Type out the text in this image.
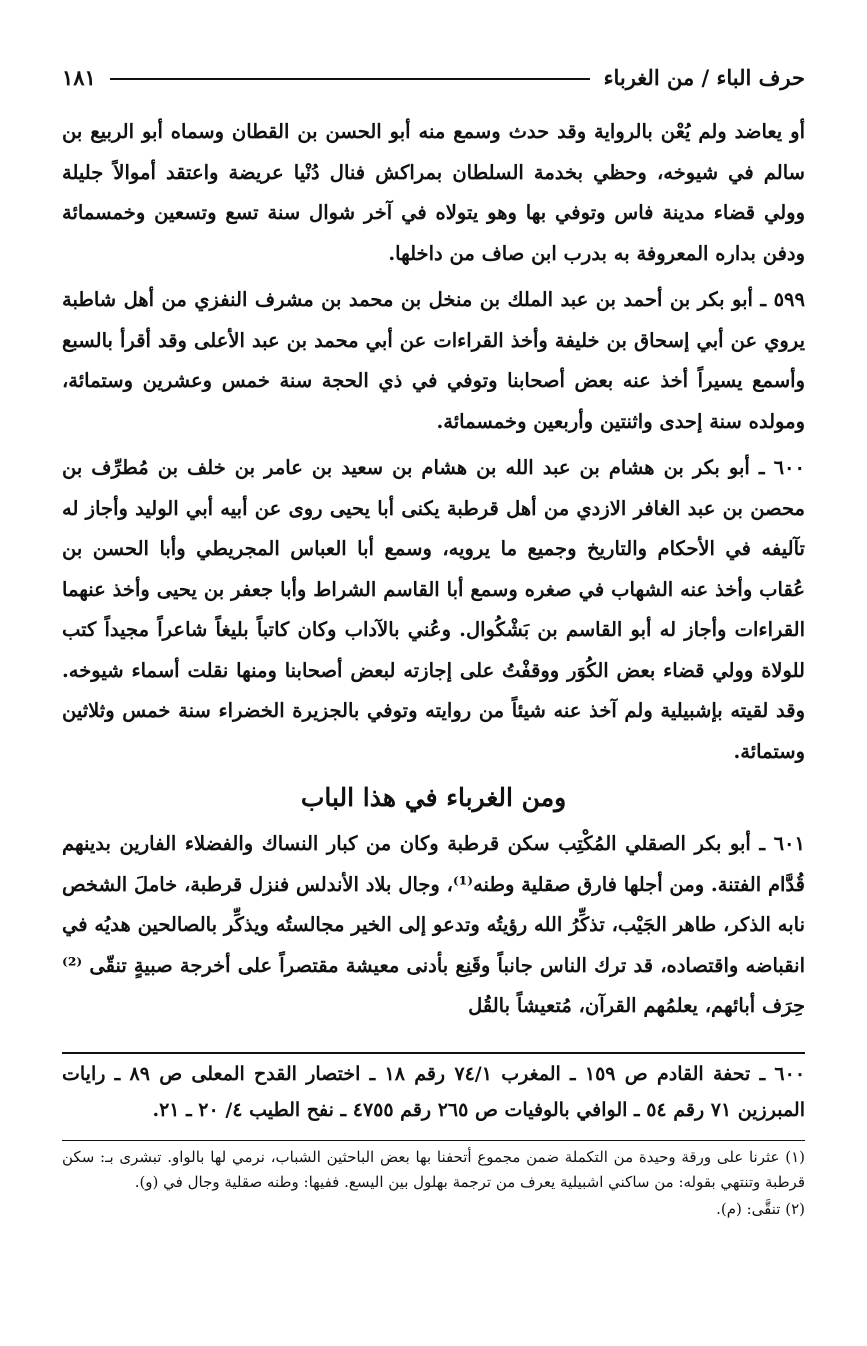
حرف الباء / من الغرباء
١٨١

أو يعاضد ولم يُعْن بالرواية وقد حدث وسمع منه أبو الحسن بن القطان وسماه أبو الربيع بن سالم في شيوخه، وحظي بخدمة السلطان بمراكش فنال دُنْيا عريضة واعتقد أموالاً جليلة وولي قضاء مدينة فاس وتوفي بها وهو يتولاه في آخر شوال سنة تسع وتسعين وخمسمائة ودفن بداره المعروفة به بدرب ابن صاف من داخلها.

٥٩٩ ـ أبو بكر بن أحمد بن عبد الملك بن منخل بن محمد بن مشرف النفزي من أهل شاطبة يروي عن أبي إسحاق بن خليفة وأخذ القراءات عن أبي محمد بن عبد الأعلى وقد أقرأ بالسبع وأسمع يسيراً أخذ عنه بعض أصحابنا وتوفي في ذي الحجة سنة خمس وعشرين وستمائة، ومولده سنة إحدى واثنتين وأربعين وخمسمائة.

٦٠٠ ـ أبو بكر بن هشام بن عبد الله بن هشام بن سعيد بن عامر بن خلف بن مُطرِّف بن محصن بن عبد الغافر الازدي من أهل قرطبة يكنى أبا يحيى روى عن أبيه أبي الوليد وأجاز له تآليفه في الأحكام والتاريخ وجميع ما يرويه، وسمع أبا العباس المجريطي وأبا الحسن بن عُقاب وأخذ عنه الشهاب في صغره وسمع أبا القاسم الشراط وأبا جعفر بن يحيى وأخذ عنهما القراءات وأجاز له أبو القاسم بن بَشْكُوال. وعُني بالآداب وكان كاتباً بليغاً شاعراً مجيداً كتب للولاة وولي قضاء بعض الكُوَر ووقفْتُ على إجازته لبعض أصحابنا ومنها نقلت أسماء شيوخه. وقد لقيته بإشبيلية ولم آخذ عنه شيئاً من روايته وتوفي بالجزيرة الخضراء سنة خمس وثلاثين وستمائة.

ومن الغرباء في هذا الباب

٦٠١ ـ أبو بكر الصقلي المُكْتِب سكن قرطبة وكان من كبار النساك والفضلاء الفارين بدينهم قُدَّام الفتنة. ومن أجلها فارق صقلية وطنه⁽¹⁾، وجال بلاد الأندلس فنزل قرطبة، خاملَ الشخص نابه الذكر، طاهر الجَيْب، تذكِّرُ الله رؤيتُه وتدعو إلى الخير مجالستُه ويذكِّر بالصالحين هديُه في انقباضه واقتصاده، قد ترك الناس جانباً وقَنِع بأدنى معيشة مقتصراً على أخرجة صبيةٍ تنقّى ⁽²⁾ حِرَف أبائهم، يعلمُهم القرآن، مُتعيشاً بالقُل

٦٠٠ ـ تحفة القادم ص ١٥٩ ـ المغرب ٧٤/١ رقم ١٨ ـ اختصار القدح المعلى ص ٨٩ ـ رايات المبرزين ٧١ رقم ٥٤ ـ الوافي بالوفيات ص ٢٦٥ رقم ٤٧٥٥ ـ نفح الطيب ٤/ ٢٠ ـ ٢١.
(١) عثرنا على ورقة وحيدة من التكملة ضمن مجموع أتحفنا بها بعض الباحثين الشباب، نرمي لها بالواو. تبشرى بـ: سكن قرطبة وتنتهي بقوله: من ساكني اشبيلية يعرف من ترجمة بهلول بين اليسع. ففيها: وطنه صقلية وجال في (و).
(٢) تنقَّى: (م).
